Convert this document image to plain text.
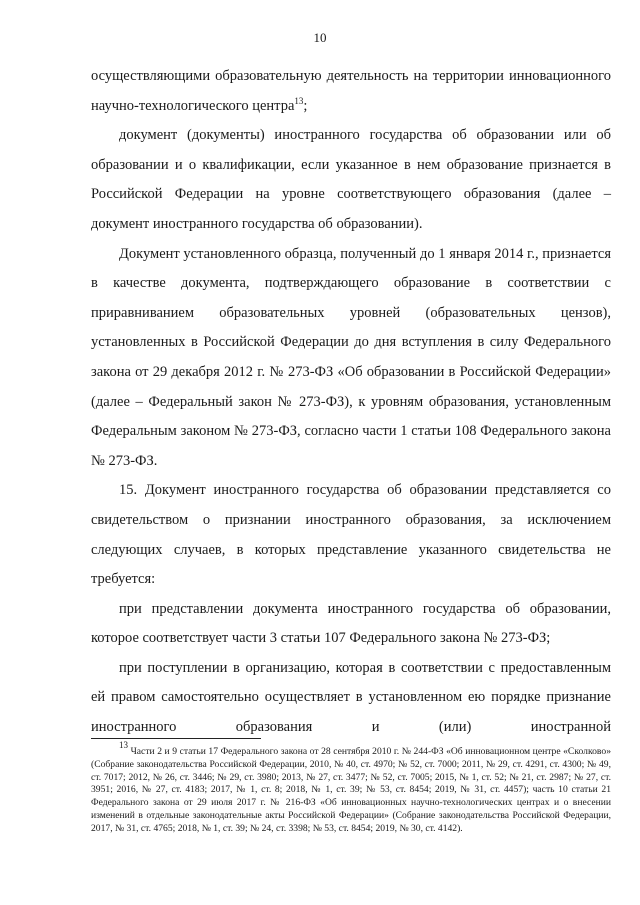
10

осуществляющими образовательную деятельность на территории инновационного научно-технологического центра$^{13}$;

документ (документы) иностранного государства об образовании или об образовании и о квалификации, если указанное в нем образование признается в Российской Федерации на уровне соответствующего образования (далее – документ иностранного государства об образовании).

Документ установленного образца, полученный до 1 января 2014 г., признается в качестве документа, подтверждающего образование в соответствии с приравниванием образовательных уровней (образовательных цензов), установленных в Российской Федерации до дня вступления в силу Федерального закона от 29 декабря 2012 г. № 273-ФЗ «Об образовании в Российской Федерации» (далее – Федеральный закон № 273-ФЗ), к уровням образования, установленным Федеральным законом № 273-ФЗ, согласно части 1 статьи 108 Федерального закона № 273-ФЗ.

15. Документ иностранного государства об образовании представляется со свидетельством о признании иностранного образования, за исключением следующих случаев, в которых представление указанного свидетельства не требуется:

при представлении документа иностранного государства об образовании, которое соответствует части 3 статьи 107 Федерального закона № 273-ФЗ;

при поступлении в организацию, которая в соответствии с предоставленным ей правом самостоятельно осуществляет в установленном ею порядке признание иностранного образования и (или) иностранной

$^{13}$ Части 2 и 9 статьи 17 Федерального закона от 28 сентября 2010 г. № 244-ФЗ «Об инновационном центре «Сколково» (Собрание законодательства Российской Федерации, 2010, № 40, ст. 4970; № 52, ст. 7000; 2011, № 29, ст. 4291, ст. 4300; № 49, ст. 7017; 2012, № 26, ст. 3446; № 29, ст. 3980; 2013, № 27, ст. 3477; № 52, ст. 7005; 2015, № 1, ст. 52; № 21, ст. 2987; № 27, ст. 3951; 2016, № 27, ст. 4183; 2017, № 1, ст. 8; 2018, № 1, ст. 39; № 53, ст. 8454; 2019, № 31, ст. 4457); часть 10 статьи 21 Федерального закона от 29 июля 2017 г. № 216-ФЗ «Об инновационных научно-технологических центрах и о внесении изменений в отдельные законодательные акты Российской Федерации» (Собрание законодательства Российской Федерации, 2017, № 31, ст. 4765; 2018, № 1, ст. 39; № 24, ст. 3398; № 53, ст. 8454; 2019, № 30, ст. 4142).
